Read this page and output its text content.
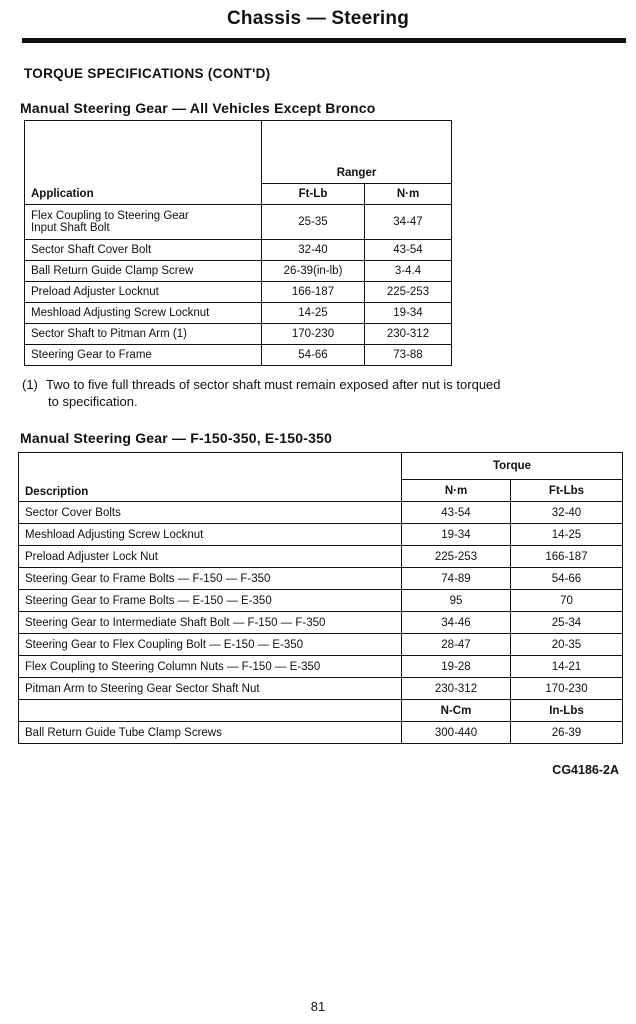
Chassis — Steering
TORQUE SPECIFICATIONS (CONT'D)
Manual Steering Gear — All Vehicles Except Bronco
Application	Ranger	
	Ft-Lb	N·m
Flex Coupling to Steering Gear
Input Shaft Bolt	25-35	34-47
Sector Shaft Cover Bolt	32-40	43-54
Ball Return Guide Clamp Screw	26-39(in-lb)	3-4.4
Preload Adjuster Locknut	166-187	225-253
Meshload Adjusting Screw Locknut	14-25	19-34
Sector Shaft to Pitman Arm (1)	170-230	230-312
Steering Gear to Frame	54-66	73-88
(1) Two to five full threads of sector shaft must remain exposed after nut is torqued
to specification.
Manual Steering Gear — F-150-350, E-150-350
Description	Torque	
	N·m	Ft-Lbs
Sector Cover Bolts	43-54	32-40
Meshload Adjusting Screw Locknut	19-34	14-25
Preload Adjuster Lock Nut	225-253	166-187
Steering Gear to Frame Bolts — F-150 — F-350	74-89	54-66
Steering Gear to Frame Bolts — E-150 — E-350	95	70
Steering Gear to Intermediate Shaft Bolt — F-150 — F-350	34-46	25-34
Steering Gear to Flex Coupling Bolt — E-150 — E-350	28-47	20-35
Flex Coupling to Steering Column Nuts — F-150 — E-350	19-28	14-21
Pitman Arm to Steering Gear Sector Shaft Nut	230-312	170-230
	N-Cm	In-Lbs
Ball Return Guide Tube Clamp Screws	300-440	26-39
CG4186-2A
81
